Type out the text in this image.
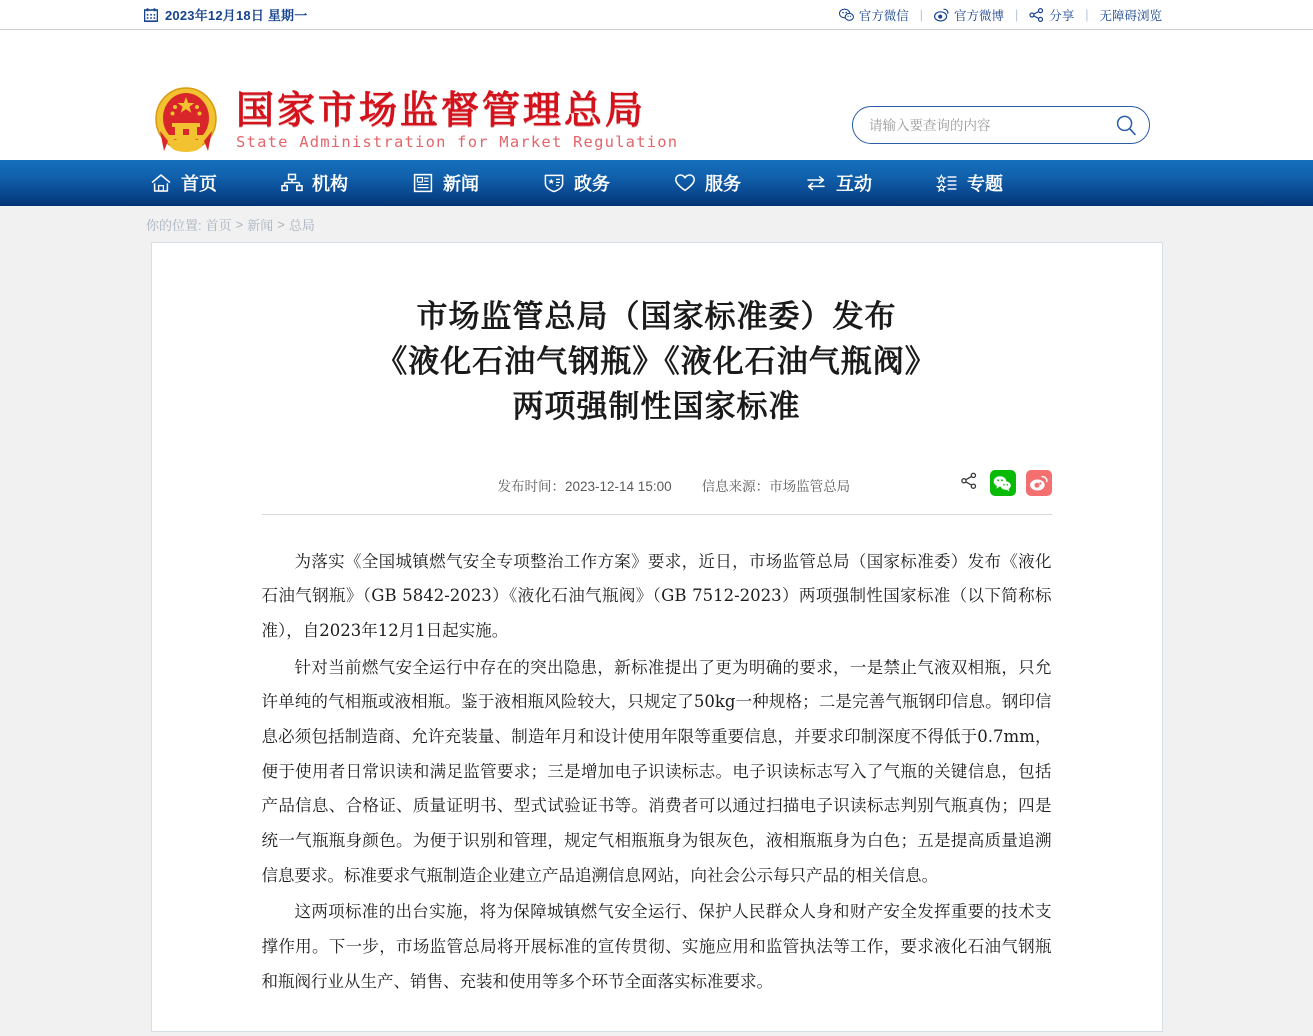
2023年12月18日 星期一	官方微信 | 官方微博 | 分享 | 无障碍浏览
国家市场监督管理总局
State Administration for Market Regulation
请输入要查询的内容
首页	机构	新闻	政务	服务	互动	专题
你的位置: 首页 > 新闻 > 总局
市场监管总局（国家标准委）发布
《液化石油气钢瓶》《液化石油气瓶阀》
两项强制性国家标准
发布时间：2023-12-14 15:00 信息来源：市场监管总局

为落实《全国城镇燃气安全专项整治工作方案》要求，近日，市场监管总局（国家标准委）发布《液化石油气钢瓶》（GB 5842-2023）《液化石油气瓶阀》（GB 7512-2023）两项强制性国家标准（以下简称标准），自2023年12月1日起实施。

针对当前燃气安全运行中存在的突出隐患，新标准提出了更为明确的要求，一是禁止气液双相瓶，只允许单纯的气相瓶或液相瓶。鉴于液相瓶风险较大，只规定了50kg一种规格；二是完善气瓶钢印信息。钢印信息必须包括制造商、允许充装量、制造年月和设计使用年限等重要信息，并要求印制深度不得低于0.7mm，便于使用者日常识读和满足监管要求；三是增加电子识读标志。电子识读标志写入了气瓶的关键信息，包括产品信息、合格证、质量证明书、型式试验证书等。消费者可以通过扫描电子识读标志判别气瓶真伪；四是统一气瓶瓶身颜色。为便于识别和管理，规定气相瓶瓶身为银灰色，液相瓶瓶身为白色；五是提高质量追溯信息要求。标准要求气瓶制造企业建立产品追溯信息网站，向社会公示每只产品的相关信息。

这两项标准的出台实施，将为保障城镇燃气安全运行、保护人民群众人身和财产安全发挥重要的技术支撑作用。下一步，市场监管总局将开展标准的宣传贯彻、实施应用和监管执法等工作，要求液化石油气钢瓶和瓶阀行业从生产、销售、充装和使用等多个环节全面落实标准要求。
